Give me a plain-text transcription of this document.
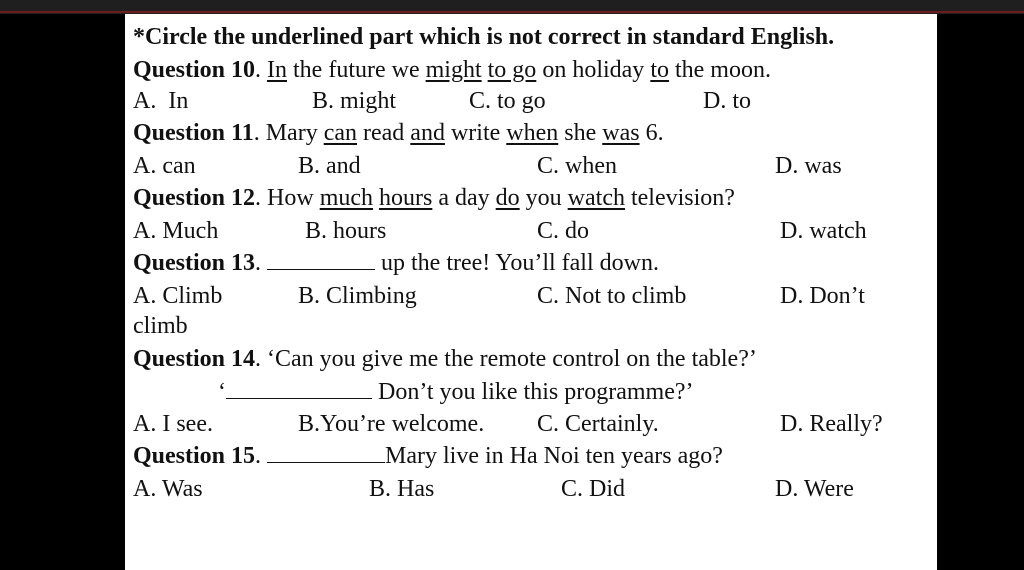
*Circle the underlined part which is not correct in standard English.
Question 10. In the future we might to go on holiday to the moon.
A.  In	B. might	C. to go	D. to
Question 11. Mary can read and write when she was 6.
A. can	B. and	C. when	D. was
Question 12. How much hours a day do you watch television?
A. Much	B. hours	C. do	D. watch
Question 13.	up the tree! You’ll fall down.
A. Climb	B. Climbing	C. Not to climb	D. Don’t
climb
Question 14. ‘Can you give me the remote control on the table?’
‘	Don’t you like this programme?’
A. I see.	B.You’re welcome. C. Certainly.	D. Really?
Question 15.	Mary live in Ha Noi ten years ago?
A. Was	B. Has	C. Did	D. Were
